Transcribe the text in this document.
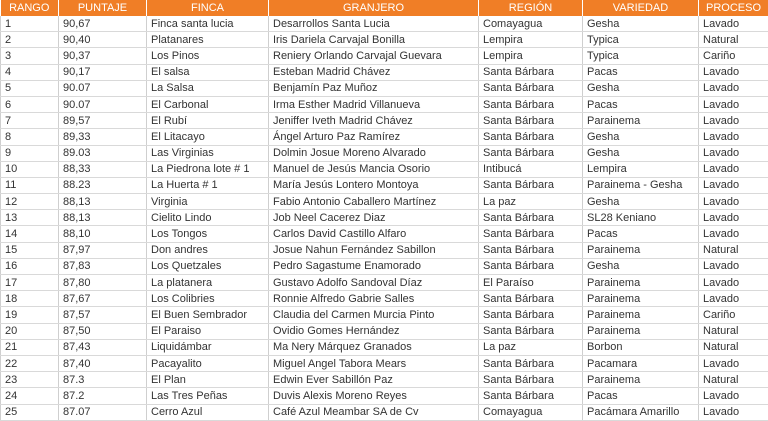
RANGO	PUNTAJE	FINCA	GRANJERO	REGIÓN	VARIEDAD	PROCESO
1	90,67	Finca santa lucia	Desarrollos Santa Lucia	Comayagua	Gesha	Lavado
2	90,40	Platanares	Iris Dariela Carvajal Bonilla	Lempira	Typica	Natural
3	90,37	Los Pinos	Reniery Orlando Carvajal Guevara	Lempira	Typica	Cariño
4	90,17	El salsa	Esteban Madrid Chávez	Santa Bárbara	Pacas	Lavado
5	90.07	La Salsa	Benjamín Paz Muñoz	Santa Bárbara	Gesha	Lavado
6	90.07	El Carbonal	Irma Esther Madrid Villanueva	Santa Bárbara	Pacas	Lavado
7	89,57	El Rubí	Jeniffer Iveth Madrid Chávez	Santa Bárbara	Parainema	Lavado
8	89,33	El Litacayo	Ángel Arturo Paz Ramírez	Santa Bárbara	Gesha	Lavado
9	89.03	Las Virginias	Dolmin Josue Moreno Alvarado	Santa Bárbara	Gesha	Lavado
10	88,33	La Piedrona lote # 1	Manuel de Jesús Mancia Osorio	Intibucá	Lempira	Lavado
11	88.23	La Huerta # 1	María Jesús Lontero Montoya	Santa Bárbara	Parainema - Gesha	Lavado
12	88,13	Virginia	Fabio Antonio Caballero Martínez	La paz	Gesha	Lavado
13	88,13	Cielito Lindo	Job Neel Cacerez Diaz	Santa Bárbara	SL28 Keniano	Lavado
14	88,10	Los Tongos	Carlos David Castillo Alfaro	Santa Bárbara	Pacas	Lavado
15	87,97	Don andres	Josue Nahun Fernández Sabillon	Santa Bárbara	Parainema	Natural
16	87,83	Los Quetzales	Pedro Sagastume Enamorado	Santa Bárbara	Gesha	Lavado
17	87,80	La platanera	Gustavo Adolfo Sandoval Díaz	El Paraíso	Parainema	Lavado
18	87,67	Los Colibries	Ronnie Alfredo Gabrie Salles	Santa Bárbara	Parainema	Lavado
19	87,57	El Buen Sembrador	Claudia del Carmen Murcia Pinto	Santa Bárbara	Parainema	Cariño
20	87,50	El Paraiso	Ovidio Gomes Hernández	Santa Bárbara	Parainema	Natural
21	87,43	Liquidámbar	Ma Nery Márquez Granados	La paz	Borbon	Natural
22	87,40	Pacayalito	Miguel Angel Tabora Mears	Santa Bárbara	Pacamara	Lavado
23	87.3	El Plan	Edwin Ever Sabillón Paz	Santa Bárbara	Parainema	Natural
24	87.2	Las Tres Peñas	Duvis Alexis Moreno Reyes	Santa Bárbara	Pacas	Lavado
25	87.07	Cerro Azul	Café Azul Meambar SA de Cv	Comayagua	Pacámara Amarillo	Lavado
